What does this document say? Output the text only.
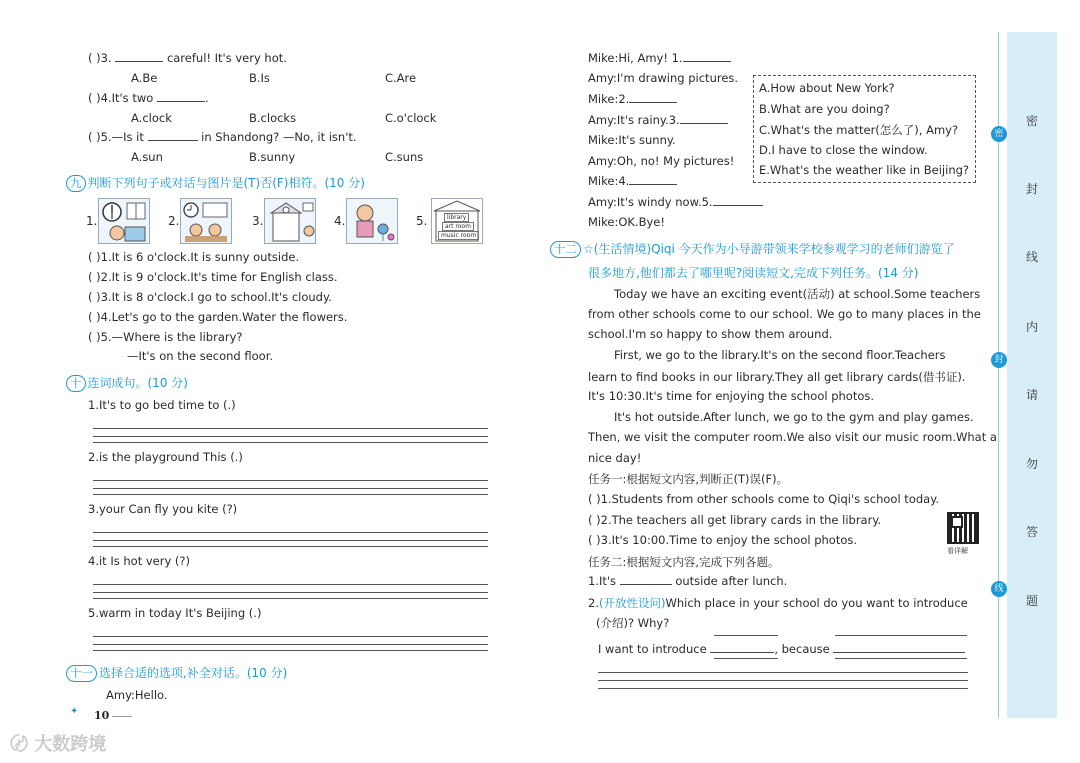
( )3.	careful! It's very hot.
A.Be	B.Is	C.Are
( )4.It's two	.
A.clock	B.clocks	C.o'clock
( )5.—Is it	in Shandong? —No, it isn't.
A.sun	B.sunny	C.suns
九 判断下列句子或对话与图片是(T)否(F)相符。(10 分)
1.	2.	3.	4.	5.	library
art room
music room
( )1.It is 6 o'clock.It is sunny outside.
( )2.It is 9 o'clock.It's time for English class.
( )3.It is 8 o'clock.I go to school.It's cloudy.
( )4.Let's go to the garden.Water the flowers.
( )5.—Where is the library?
—It's on the second floor.
十 连词成句。(10 分)
1.It's to go bed time to (.)
2.is the playground This (.)
3.your Can fly you kite (?)
4.it Is hot very (?)
5.warm in today It's Beijing (.)
十一 选择合适的选项,补全对话。(10 分)
Amy:Hello.
✦ 10
〄 大数跨境
Mike:Hi, Amy! 1.
Amy:I'm drawing pictures.
Mike:2.
Amy:It's rainy.3.
Mike:It's sunny.
Amy:Oh, no! My pictures!
Mike:4.
Amy:It's windy now.5.
Mike:OK.Bye!
A.How about New York?
B.What are you doing?
C.What's the matter(怎么了), Amy?
D.I have to close the window.
E.What's the weather like in Beijing?
十二 ☆(生活情境)Qiqi 今天作为小导游带领来学校参观学习的老师们游览了
很多地方,他们都去了哪里呢?阅读短文,完成下列任务。(14 分)
Today we have an exciting event(活动) at school.Some teachers
from other schools come to our school. We go to many places in the
school.I'm so happy to show them around.
First, we go to the library.It's on the second floor.Teachers
learn to find books in our library.They all get library cards(借书证).
It's 10:30.It's time for enjoying the school photos.
It's hot outside.After lunch, we go to the gym and play games.
Then, we visit the computer room.We also visit our music room.What a
nice day!
任务一:根据短文内容,判断正(T)误(F)。
( )1.Students from other schools come to Qiqi's school today.
( )2.The teachers all get library cards in the library.
( )3.It's 10:00.Time to enjoy the school photos.
看详解
任务二:根据短文内容,完成下列各题。
1.It's	outside after lunch.
2.(开放性设问)Which place in your school do you want to introduce
(介绍)? Why?
I want to introduce	, because
密
封
线
内
请
勿
答
题
密
封
线
